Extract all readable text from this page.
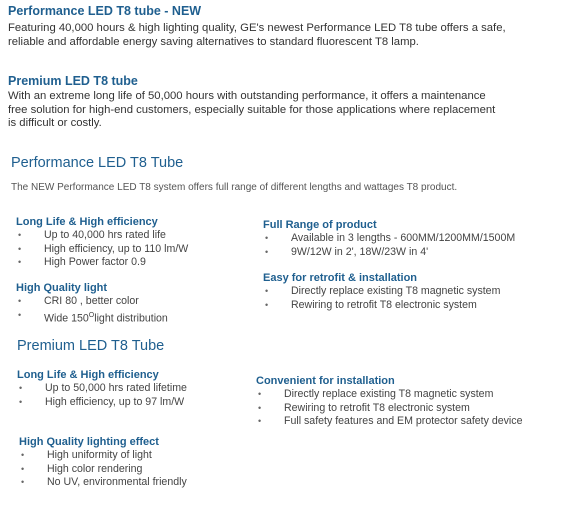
Performance LED T8 tube - NEW
Featuring 40,000 hours & high lighting quality, GE's newest Performance LED T8 tube offers a safe,
reliable and affordable energy saving alternatives to standard fluorescent T8 lamp.
Premium LED T8 tube
With an extreme long life of 50,000 hours with outstanding performance, it offers a maintenance
free solution for high-end customers, especially suitable for those applications where replacement
is difficult or costly.
Performance LED T8 Tube
The NEW Performance LED T8 system offers full range of different lengths and wattages T8 product.
Long Life & High efficiency
• Up to 40,000 hrs rated life
• High efficiency, up to 110 lm/W
• High Power factor 0.9
High Quality light
• CRI 80 , better color
• Wide $150^Olight$ distribution
Full Range of product
• Available in 3 lengths - 600MM/1200MM/1500M
• 9W/12W in 2', 18W/23W in 4'
Easy for retrofit & installation
• Directly replace existing T8 magnetic system
• Rewiring to retrofit T8 electronic system
Premium LED T8 Tube
Long Life & High efficiency
• Up to 50,000 hrs rated lifetime
• High efficiency, up to 97 lm/W
High Quality lighting effect
• High uniformity of light
• High color rendering
• No UV, environmental friendly
Convenient for installation
• Directly replace existing T8 magnetic system
• Rewiring to retrofit T8 electronic system
• Full safety features and EM protector safety device
